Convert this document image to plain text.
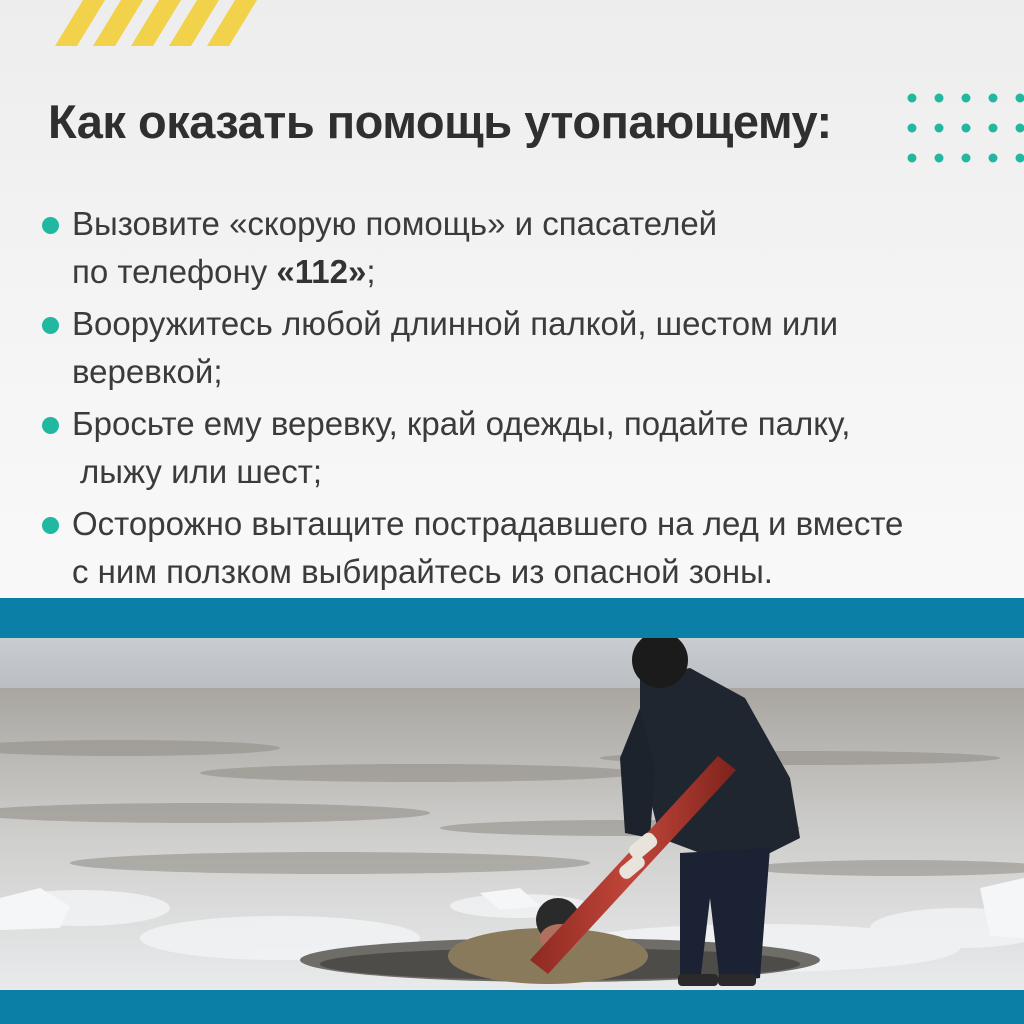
Как оказать помощь утопающему:
Вызовите «скорую помощь» и спасателей
по телефону «112»;
Вооружитесь любой длинной палкой, шестом или
веревкой;
Бросьте ему веревку, край одежды, подайте палку,
лыжу или шест;
Осторожно вытащите пострадавшего на лед и вместе
с ним ползком выбирайтесь из опасной зоны.
